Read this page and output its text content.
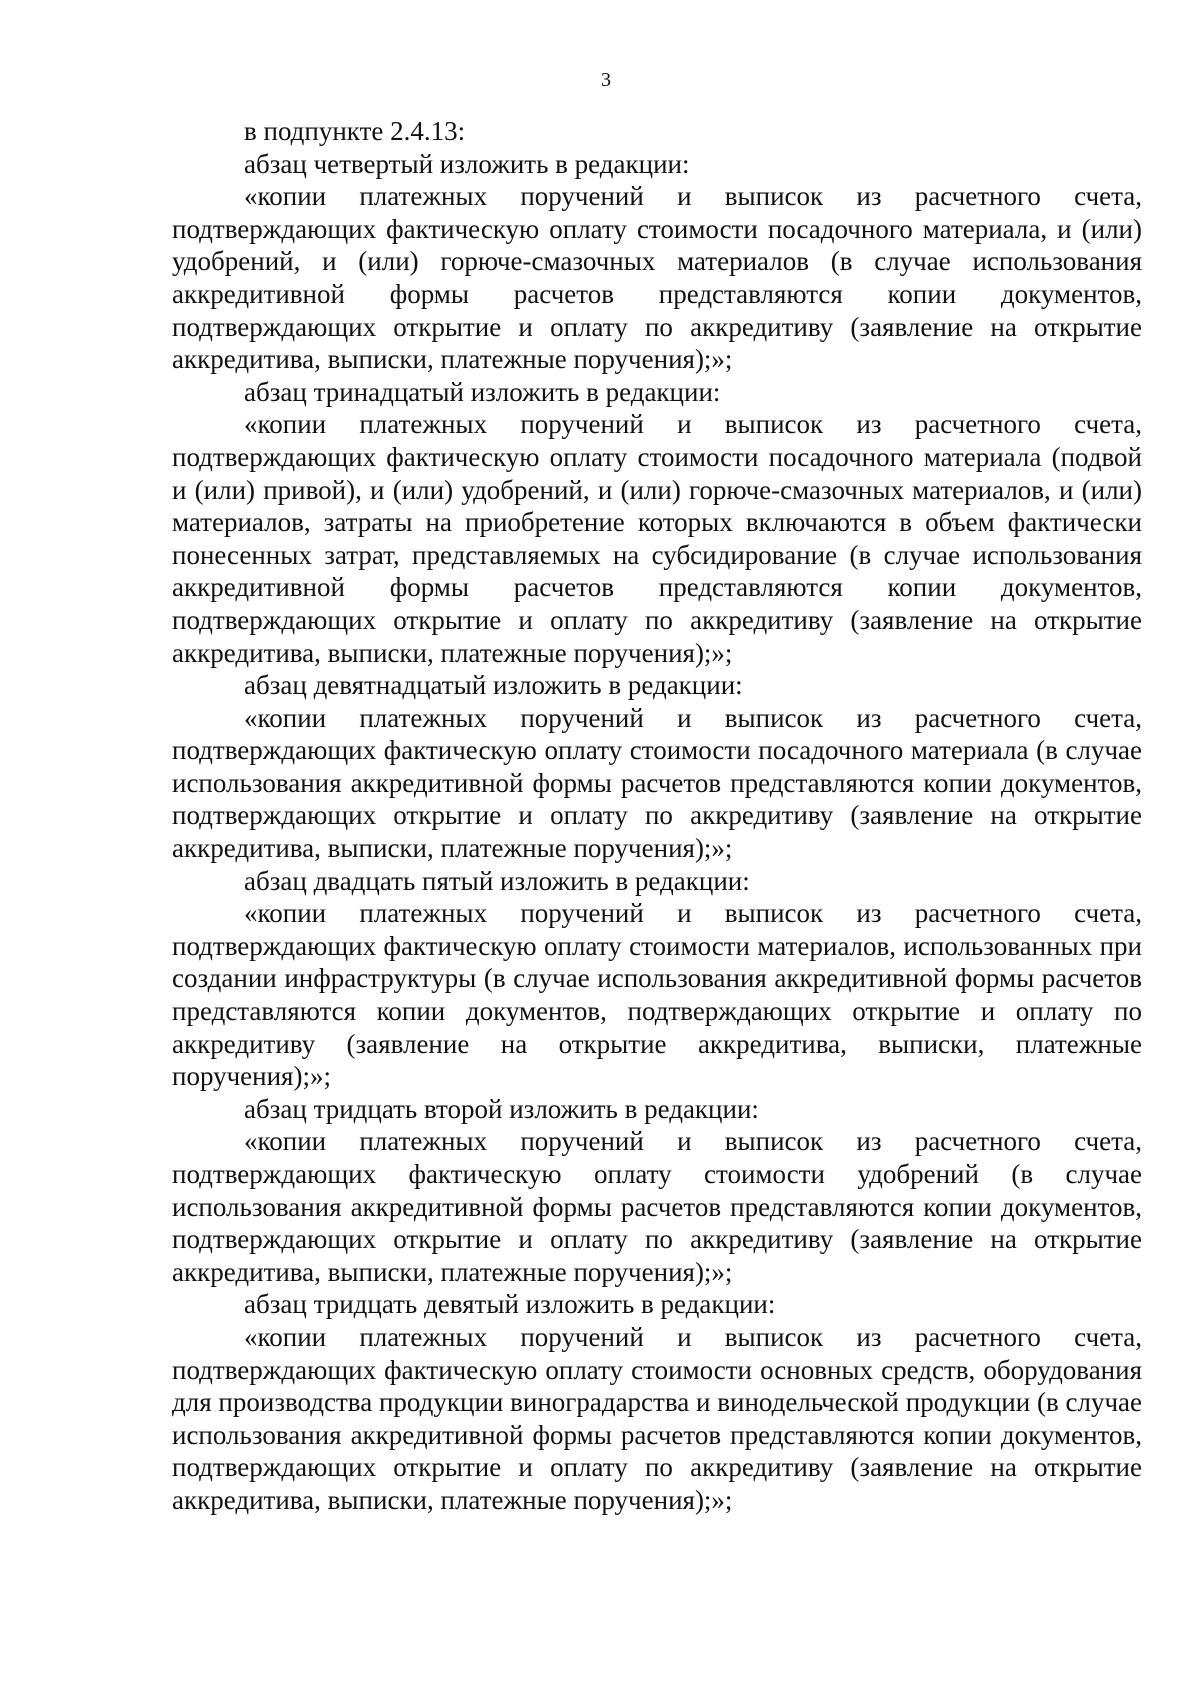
3

в подпункте 2.4.13:

абзац четвертый изложить в редакции:

«копии платежных поручений и выписок из расчетного счета, подтверждающих фактическую оплату стоимости посадочного материала, и (или) удобрений, и (или) горюче-смазочных материалов (в случае использования аккредитивной формы расчетов представляются копии документов, подтверждающих открытие и оплату по аккредитиву (заявление на открытие аккредитива, выписки, платежные поручения);»;

абзац тринадцатый изложить в редакции:

«копии платежных поручений и выписок из расчетного счета, подтверждающих фактическую оплату стоимости посадочного материала (подвой и (или) привой), и (или) удобрений, и (или) горюче-смазочных материалов, и (или) материалов, затраты на приобретение которых включаются в объем фактически понесенных затрат, представляемых на субсидирование (в случае использования аккредитивной формы расчетов представляются копии документов, подтверждающих открытие и оплату по аккредитиву (заявление на открытие аккредитива, выписки, платежные поручения);»;

абзац девятнадцатый изложить в редакции:

«копии платежных поручений и выписок из расчетного счета, подтверждающих фактическую оплату стоимости посадочного материала (в случае использования аккредитивной формы расчетов представляются копии документов, подтверждающих открытие и оплату по аккредитиву (заявление на открытие аккредитива, выписки, платежные поручения);»;

абзац двадцать пятый изложить в редакции:

«копии платежных поручений и выписок из расчетного счета, подтверждающих фактическую оплату стоимости материалов, использованных при создании инфраструктуры (в случае использования аккредитивной формы расчетов представляются копии документов, подтверждающих открытие и оплату по аккредитиву (заявление на открытие аккредитива, выписки, платежные поручения);»;

абзац тридцать второй изложить в редакции:

«копии платежных поручений и выписок из расчетного счета, подтверждающих фактическую оплату стоимости удобрений (в случае использования аккредитивной формы расчетов представляются копии документов, подтверждающих открытие и оплату по аккредитиву (заявление на открытие аккредитива, выписки, платежные поручения);»;

абзац тридцать девятый изложить в редакции:

«копии платежных поручений и выписок из расчетного счета, подтверждающих фактическую оплату стоимости основных средств, оборудования для производства продукции виноградарства и винодельческой продукции (в случае использования аккредитивной формы расчетов представляются копии документов, подтверждающих открытие и оплату по аккредитиву (заявление на открытие аккредитива, выписки, платежные поручения);»;
